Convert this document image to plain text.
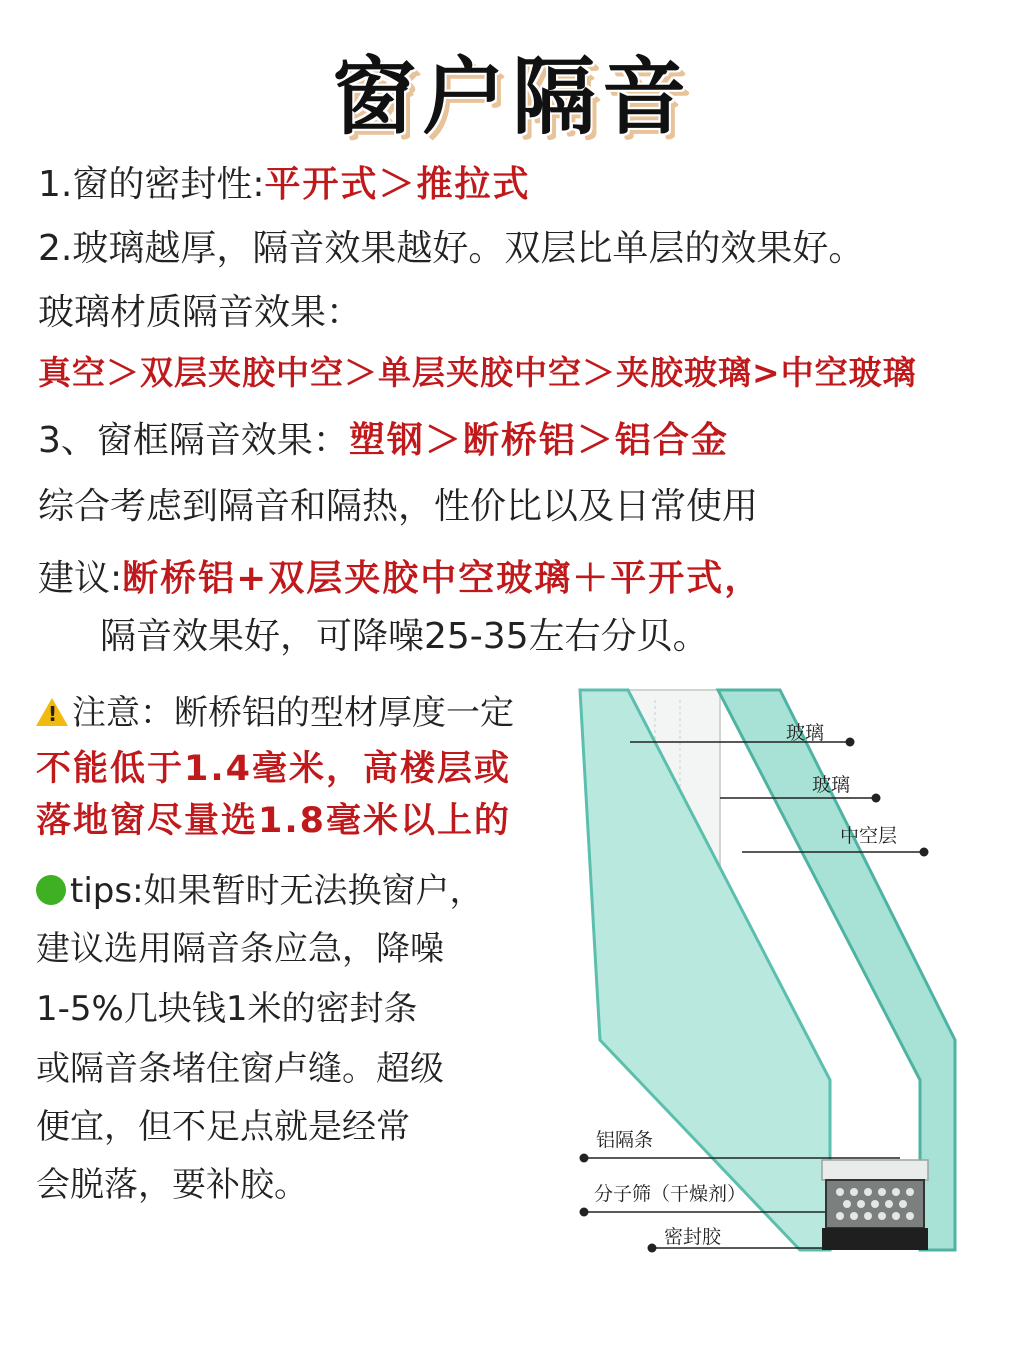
窗户隔音
1.窗的密封性:平开式＞推拉式
2.玻璃越厚，隔音效果越好。双层比单层的效果好。
玻璃材质隔音效果：
真空＞双层夹胶中空＞单层夹胶中空＞夹胶玻璃>中空玻璃
3、窗框隔音效果：塑钢＞断桥铝＞铝合金
综合考虑到隔音和隔热，性价比以及日常使用
建议:断桥铝+双层夹胶中空玻璃＋平开式，
隔音效果好，可降噪25-35左右分贝。
!注意：断桥铝的型材厚度一定
不能低于1.4毫米，高楼层或
落地窗尽量选1.8毫米以上的
tips:如果暂时无法换窗户，
建议选用隔音条应急，降噪
1-5%几块钱1米的密封条
或隔音条堵住窗卢缝。超级
便宜，但不足点就是经常
会脱落，要补胶。
玻璃
玻璃
中空层
铝隔条
分子筛（干燥剂）
密封胶
